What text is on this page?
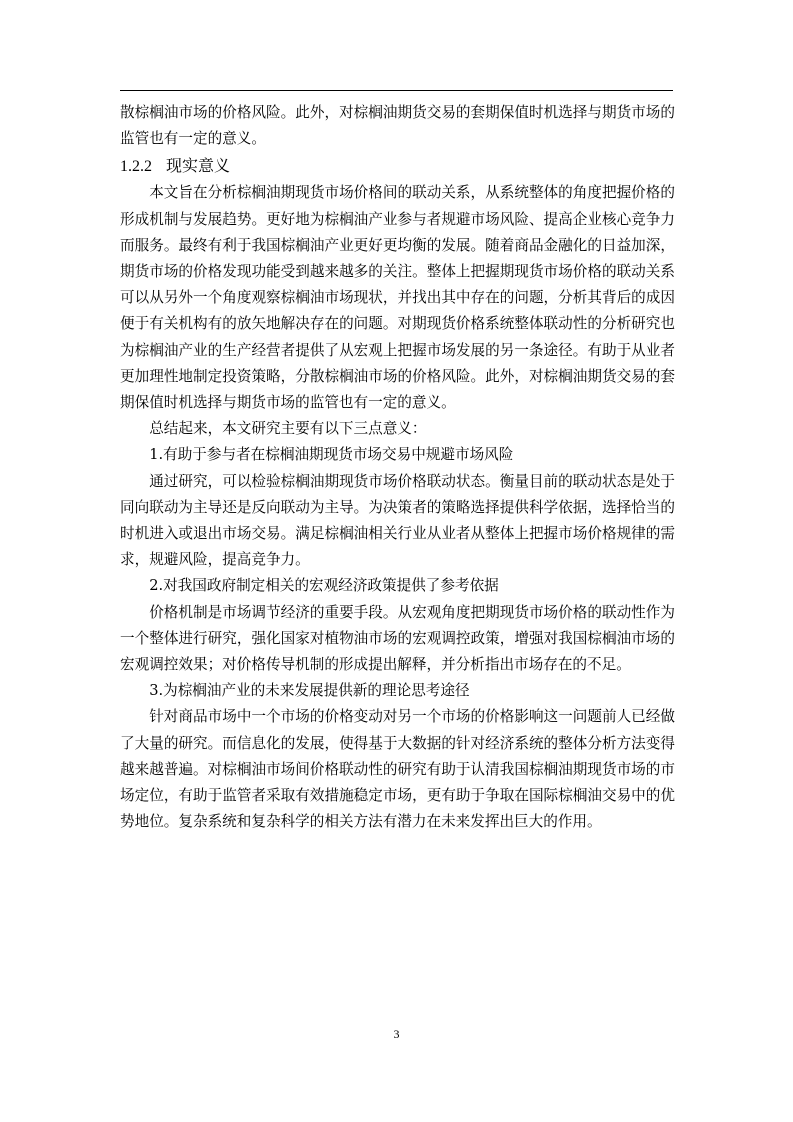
散棕榈油市场的价格风险。此外，对棕榈油期货交易的套期保值时机选择与期货市场的监管也有一定的意义。

1.2.2 现实意义

本文旨在分析棕榈油期现货市场价格间的联动关系，从系统整体的角度把握价格的形成机制与发展趋势。更好地为棕榈油产业参与者规避市场风险、提高企业核心竞争力而服务。最终有利于我国棕榈油产业更好更均衡的发展。随着商品金融化的日益加深，期货市场的价格发现功能受到越来越多的关注。整体上把握期现货市场价格的联动关系可以从另外一个角度观察棕榈油市场现状，并找出其中存在的问题，分析其背后的成因便于有关机构有的放矢地解决存在的问题。对期现货价格系统整体联动性的分析研究也为棕榈油产业的生产经营者提供了从宏观上把握市场发展的另一条途径。有助于从业者更加理性地制定投资策略，分散棕榈油市场的价格风险。此外，对棕榈油期货交易的套期保值时机选择与期货市场的监管也有一定的意义。

总结起来，本文研究主要有以下三点意义：

1.有助于参与者在棕榈油期现货市场交易中规避市场风险

通过研究，可以检验棕榈油期现货市场价格联动状态。衡量目前的联动状态是处于同向联动为主导还是反向联动为主导。为决策者的策略选择提供科学依据，选择恰当的时机进入或退出市场交易。满足棕榈油相关行业从业者从整体上把握市场价格规律的需求，规避风险，提高竞争力。

2.对我国政府制定相关的宏观经济政策提供了参考依据

价格机制是市场调节经济的重要手段。从宏观角度把期现货市场价格的联动性作为一个整体进行研究，强化国家对植物油市场的宏观调控政策，增强对我国棕榈油市场的宏观调控效果；对价格传导机制的形成提出解释，并分析指出市场存在的不足。

3.为棕榈油产业的未来发展提供新的理论思考途径

针对商品市场中一个市场的价格变动对另一个市场的价格影响这一问题前人已经做了大量的研究。而信息化的发展，使得基于大数据的针对经济系统的整体分析方法变得越来越普遍。对棕榈油市场间价格联动性的研究有助于认清我国棕榈油期现货市场的市场定位，有助于监管者采取有效措施稳定市场，更有助于争取在国际棕榈油交易中的优势地位。复杂系统和复杂科学的相关方法有潜力在未来发挥出巨大的作用。

3
